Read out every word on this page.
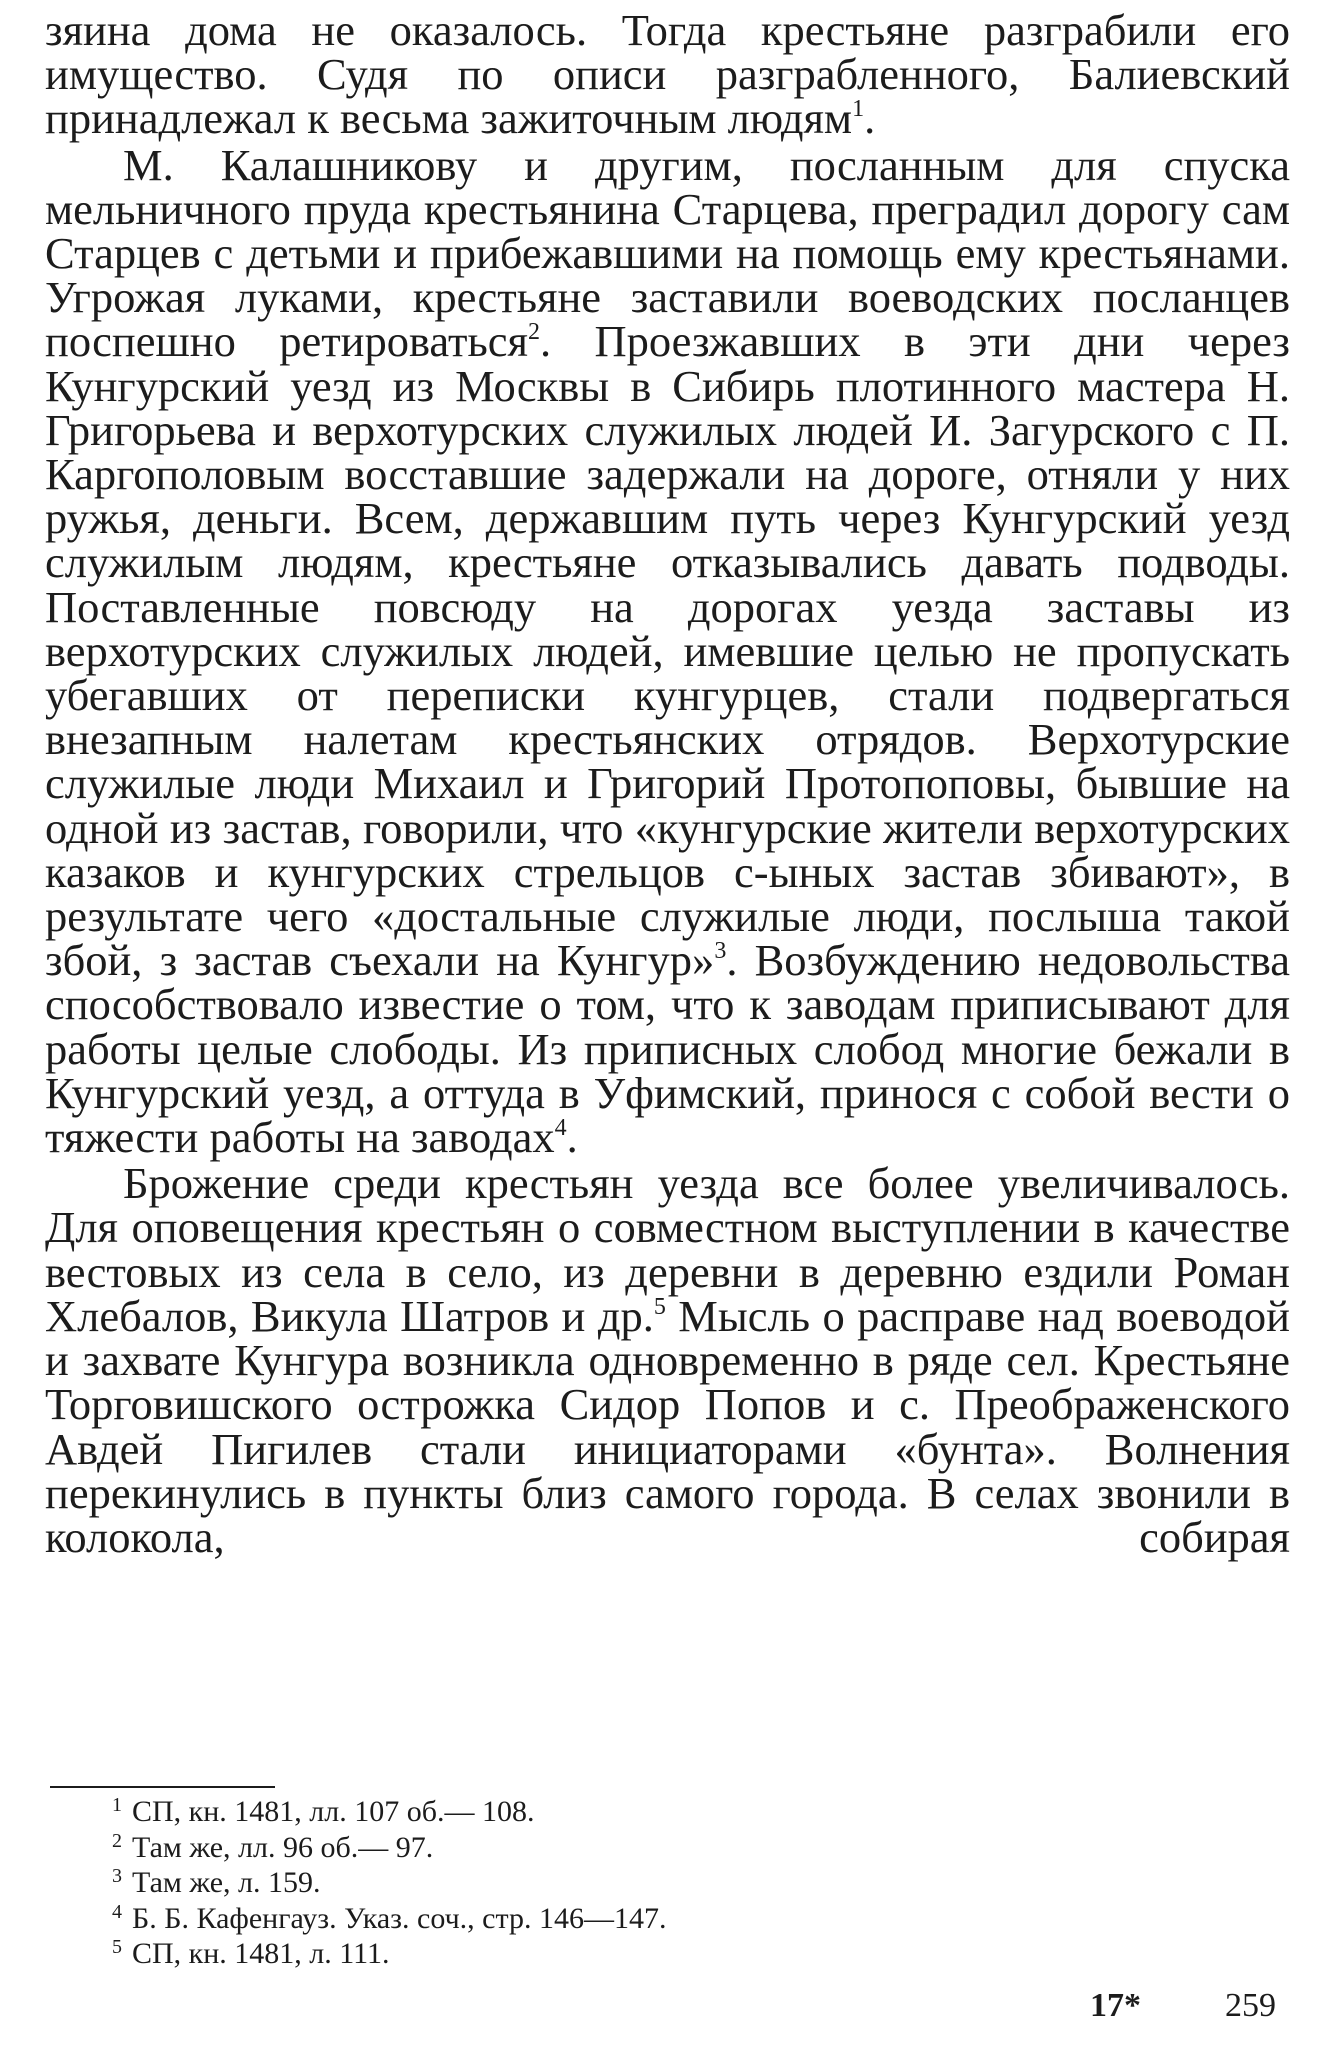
зяина дома не оказалось. Тогда крестьяне разграбили его имущество. Судя по описи разграбленного, Балиевский принадлежал к весьма зажиточным людям$^1$.

М. Калашникову и другим, посланным для спуска мельничного пруда крестьянина Старцева, преградил дорогу сам Старцев с детьми и прибежавшими на помощь ему крестьянами. Угрожая луками, крестьяне заставили воеводских посланцев поспешно ретироваться$^2$. Проезжавших в эти дни через Кунгурский уезд из Москвы в Сибирь плотинного мастера Н. Григорьева и верхотурских служилых людей И. Загурского с П. Каргополовым восставшие задержали на дороге, отняли у них ружья, деньги. Всем, державшим путь через Кунгурский уезд служилым людям, крестьяне отказывались давать подводы. Поставленные повсюду на дорогах уезда заставы из верхотурских служилых людей, имевшие целью не пропускать убегавших от переписки кунгурцев, стали подвергаться внезапным налетам крестьянских отрядов. Верхотурские служилые люди Михаил и Григорий Протопоповы, бывшие на одной из застав, говорили, что «кунгурские жители верхотурских казаков и кунгурских стрельцов с-ыных застав збивают», в результате чего «достальные служилые люди, послыша такой збой, з застав съехали на Кунгур»$^3$. Возбуждению недовольства способствовало известие о том, что к заводам приписывают для работы целые слободы. Из приписных слобод многие бежали в Кунгурский уезд, а оттуда в Уфимский, принося с собой вести о тяжести работы на заводах$^4$.

Брожение среди крестьян уезда все более увеличивалось. Для оповещения крестьян о совместном выступлении в качестве вестовых из села в село, из деревни в деревню ездили Роман Хлебалов, Викула Шатров и др.$^5$ Мысль о расправе над воеводой и захвате Кунгура возникла одновременно в ряде сел. Крестьяне Торговишского острожка Сидор Попов и с. Преображенского Авдей Пигилев стали инициаторами «бунта». Волнения перекинулись в пункты близ самого города. В селах звонили в колокола, собирая

$^1$ СП, кн. 1481, лл. 107 об.— 108.
$^2$ Там же, лл. 96 об.— 97.
$^3$ Там же, л. 159.
$^4$ Б. Б. Кафенгауз. Указ. соч., стр. 146—147.
$^5$ СП, кн. 1481, л. 111.
17* 259
